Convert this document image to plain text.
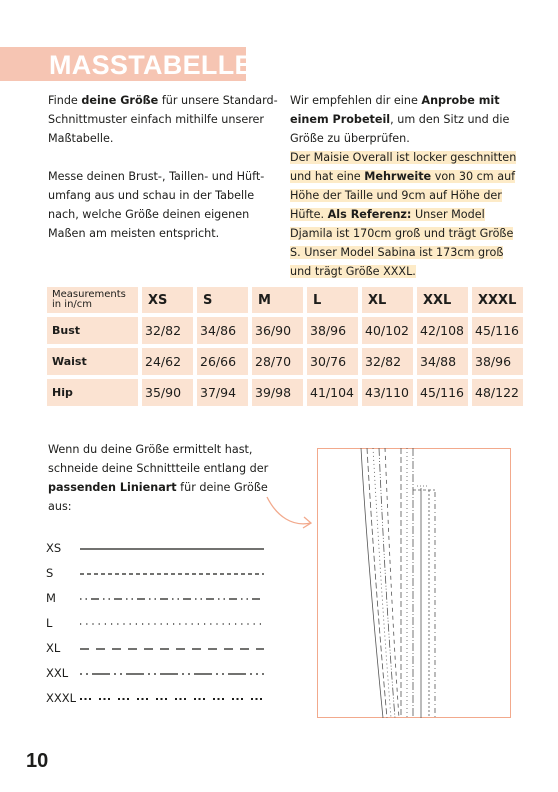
MASSTABELLE

Finde deine Größe für unsere Standard-Schnittmuster einfach mithilfe unserer Maßtabelle.

Messe deinen Brust-, Taillen- und Hüftumfang aus und schau in der Tabelle nach, welche Größe deinen eigenen Maßen am meisten entspricht.

Wir empfehlen dir eine Anprobe mit einem Probeteil, um den Sitz und die Größe zu überprüfen.

Der Maisie Overall ist locker geschnitten und hat eine Mehrweite von 30 cm auf Höhe der Taille und 9cm auf Höhe der Hüfte. Als Referenz: Unser Model Djamila ist 170cm groß und trägt Größe S. Unser Model Sabina ist 173cm groß und trägt Größe XXXL.

Measurements
in in/cm	XS	S	M	L	XL	XXL	XXXL
Bust	32/82	34/86	36/90	38/96	40/102	42/108	45/116
Waist	24/62	26/66	28/70	30/76	32/82	34/88	38/96
Hip	35/90	37/94	39/98	41/104	43/110	45/116	48/122

Wenn du deine Größe ermittelt hast, schneide deine Schnittteile entlang der passenden Linienart für deine Größe aus:

XS
S
M
L
XL
XXL
XXXL
10
